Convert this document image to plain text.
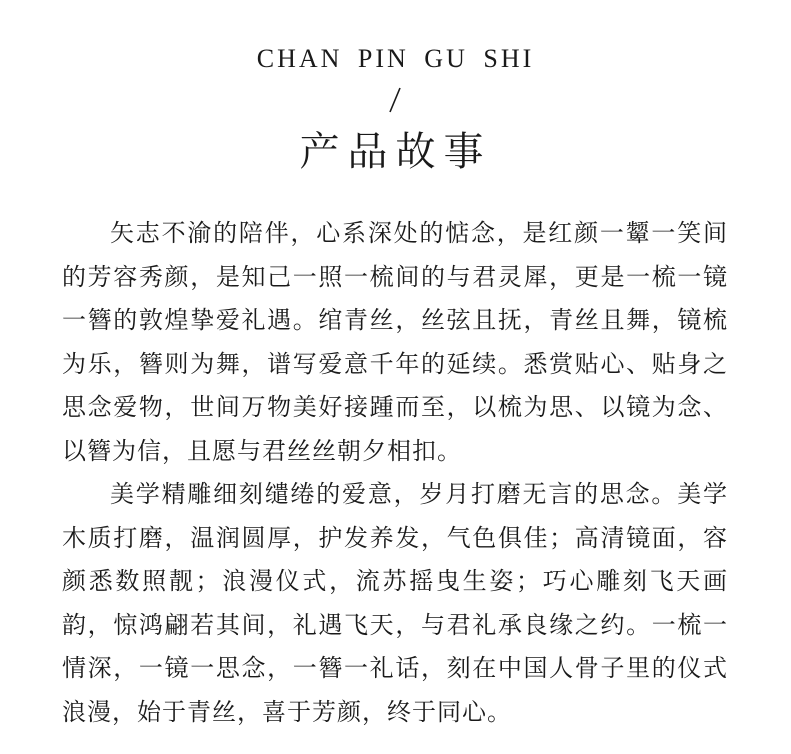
CHAN PIN GU SHI
产品故事

矢志不渝的陪伴，心系深处的惦念，是红颜一颦一笑间的芳容秀颜，是知己一照一梳间的与君灵犀，更是一梳一镜一簪的敦煌挚爱礼遇。绾青丝，丝弦且抚，青丝且舞，镜梳为乐，簪则为舞，谱写爱意千年的延续。悉赏贴心、贴身之思念爱物，世间万物美好接踵而至，以梳为思、以镜为念、以簪为信，且愿与君丝丝朝夕相扣。

美学精雕细刻缱绻的爱意，岁月打磨无言的思念。美学木质打磨，温润圆厚，护发养发，气色俱佳；高清镜面，容颜悉数照靓；浪漫仪式，流苏摇曳生姿；巧心雕刻飞天画韵，惊鸿翩若其间，礼遇飞天，与君礼承良缘之约。一梳一情深，一镜一思念，一簪一礼话，刻在中国人骨子里的仪式浪漫，始于青丝，喜于芳颜，终于同心。
